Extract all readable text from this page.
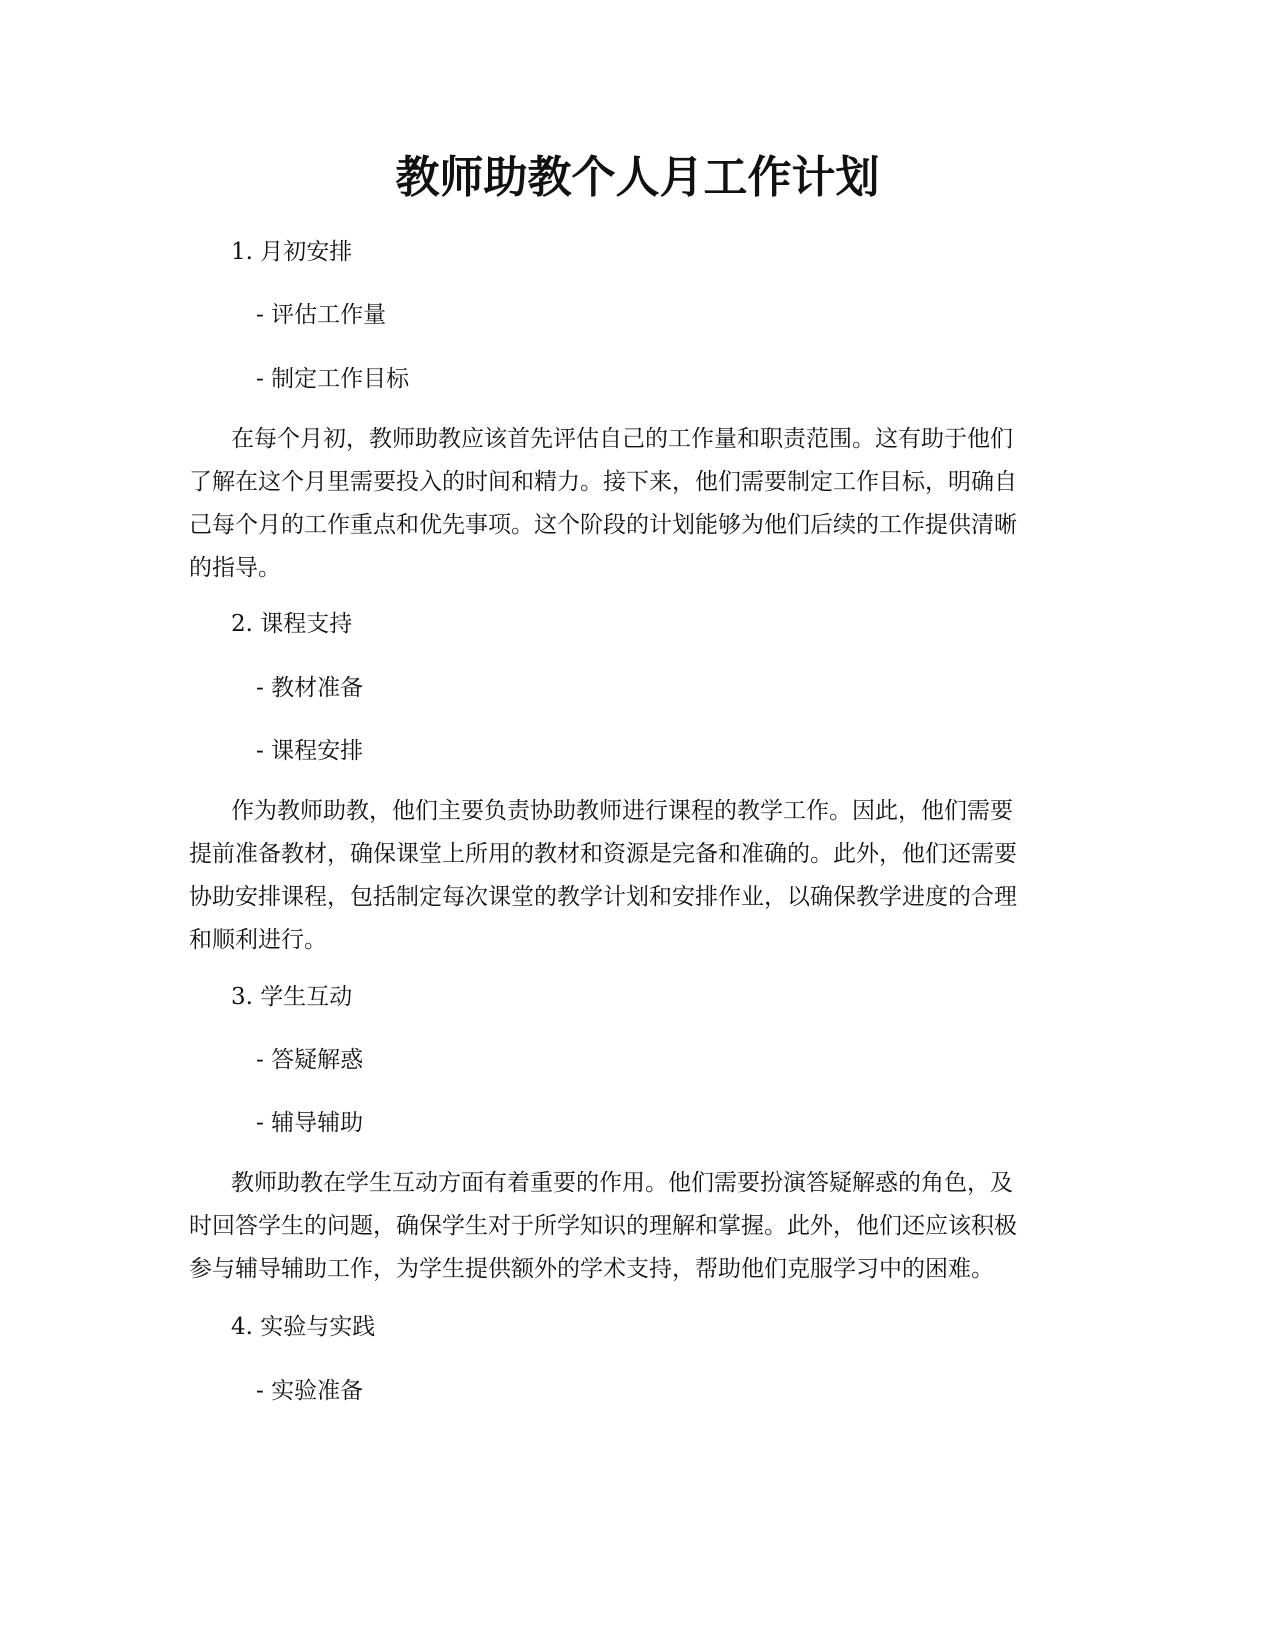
教师助教个人月工作计划
1. 月初安排
- 评估工作量
- 制定工作目标
在每个月初，教师助教应该首先评估自己的工作量和职责范围。这有助于他们
了解在这个月里需要投入的时间和精力。接下来，他们需要制定工作目标，明确自
己每个月的工作重点和优先事项。这个阶段的计划能够为他们后续的工作提供清晰
的指导。
2. 课程支持
- 教材准备
- 课程安排
作为教师助教，他们主要负责协助教师进行课程的教学工作。因此，他们需要
提前准备教材，确保课堂上所用的教材和资源是完备和准确的。此外，他们还需要
协助安排课程，包括制定每次课堂的教学计划和安排作业，以确保教学进度的合理
和顺利进行。
3. 学生互动
- 答疑解惑
- 辅导辅助
教师助教在学生互动方面有着重要的作用。他们需要扮演答疑解惑的角色，及
时回答学生的问题，确保学生对于所学知识的理解和掌握。此外，他们还应该积极
参与辅导辅助工作，为学生提供额外的学术支持，帮助他们克服学习中的困难。
4. 实验与实践
- 实验准备
